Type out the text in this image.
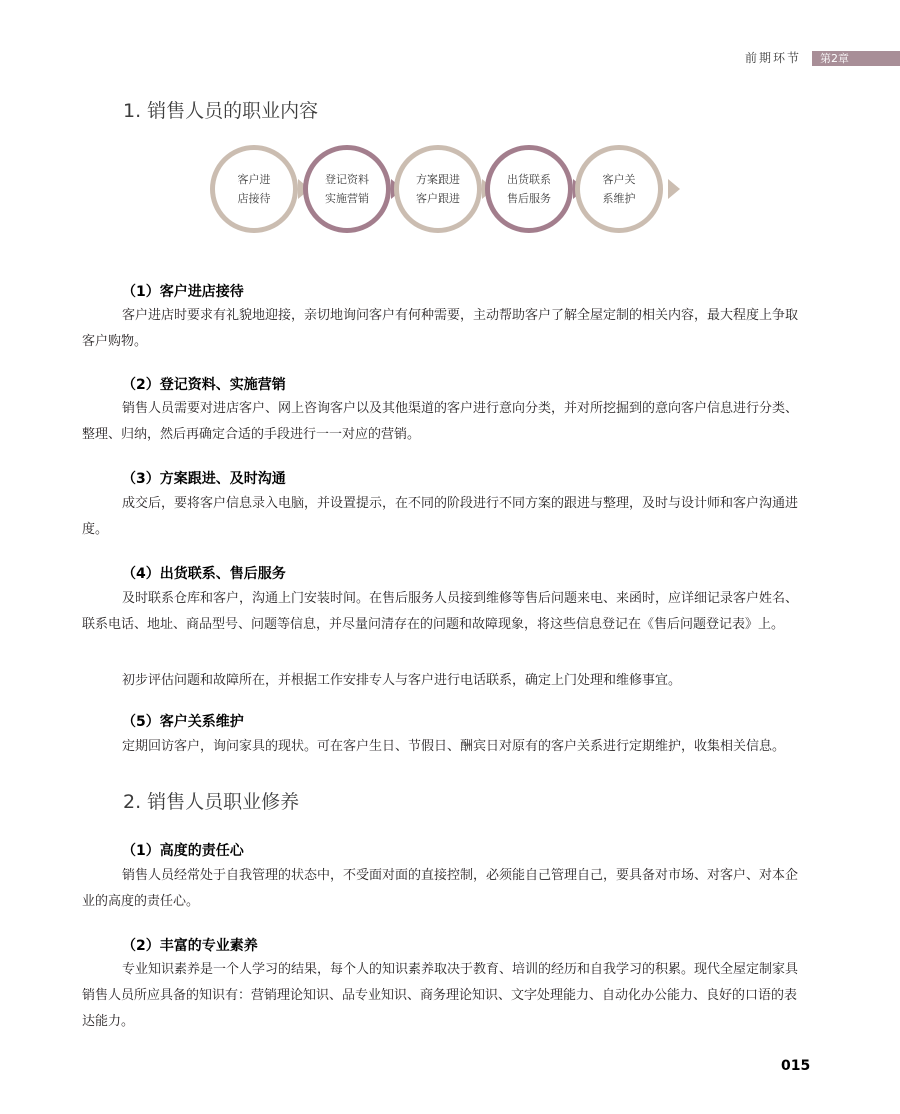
前期环节	第2章
1. 销售人员的职业内容
客户进
店接待
登记资料
实施营销
方案跟进
客户跟进
出货联系
售后服务
客户关
系维护
（1）客户进店接待
客户进店时要求有礼貌地迎接，亲切地询问客户有何种需要，主动帮助客户了解全屋定制的相关内容，最大程度上争取客户购物。
（2）登记资料、实施营销
销售人员需要对进店客户、网上咨询客户以及其他渠道的客户进行意向分类，并对所挖掘到的意向客户信息进行分类、整理、归纳，然后再确定合适的手段进行一一对应的营销。
（3）方案跟进、及时沟通
成交后，要将客户信息录入电脑，并设置提示，在不同的阶段进行不同方案的跟进与整理，及时与设计师和客户沟通进度。
（4）出货联系、售后服务
及时联系仓库和客户，沟通上门安装时间。在售后服务人员接到维修等售后问题来电、来函时，应详细记录客户姓名、联系电话、地址、商品型号、问题等信息，并尽量问清存在的问题和故障现象，将这些信息登记在《售后问题登记表》上。
初步评估问题和故障所在，并根据工作安排专人与客户进行电话联系，确定上门处理和维修事宜。
（5）客户关系维护
定期回访客户，询问家具的现状。可在客户生日、节假日、酬宾日对原有的客户关系进行定期维护，收集相关信息。
2. 销售人员职业修养
（1）高度的责任心
销售人员经常处于自我管理的状态中，不受面对面的直接控制，必须能自己管理自己，要具备对市场、对客户、对本企业的高度的责任心。
（2）丰富的专业素养
专业知识素养是一个人学习的结果，每个人的知识素养取决于教育、培训的经历和自我学习的积累。现代全屋定制家具销售人员所应具备的知识有：营销理论知识、品专业知识、商务理论知识、文字处理能力、自动化办公能力、良好的口语的表达能力。
015
